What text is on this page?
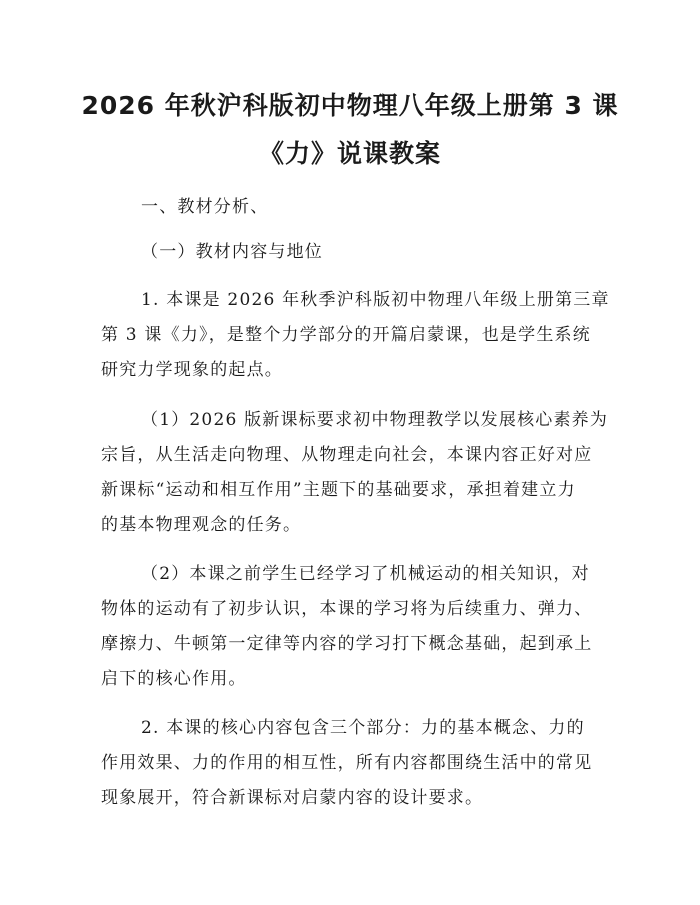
2026 年秋沪科版初中物理八年级上册第 3 课
《力》说课教案
一、教材分析、
（一）教材内容与地位
1. 本课是 2026 年秋季沪科版初中物理八年级上册第三章
第 3 课《力》，是整个力学部分的开篇启蒙课，也是学生系统
研究力学现象的起点。
（1）2026 版新课标要求初中物理教学以发展核心素养为
宗旨，从生活走向物理、从物理走向社会，本课内容正好对应
新课标“运动和相互作用”主题下的基础要求，承担着建立力
的基本物理观念的任务。
（2）本课之前学生已经学习了机械运动的相关知识，对
物体的运动有了初步认识，本课的学习将为后续重力、弹力、
摩擦力、牛顿第一定律等内容的学习打下概念基础，起到承上
启下的核心作用。
2. 本课的核心内容包含三个部分：力的基本概念、力的
作用效果、力的作用的相互性，所有内容都围绕生活中的常见
现象展开，符合新课标对启蒙内容的设计要求。
